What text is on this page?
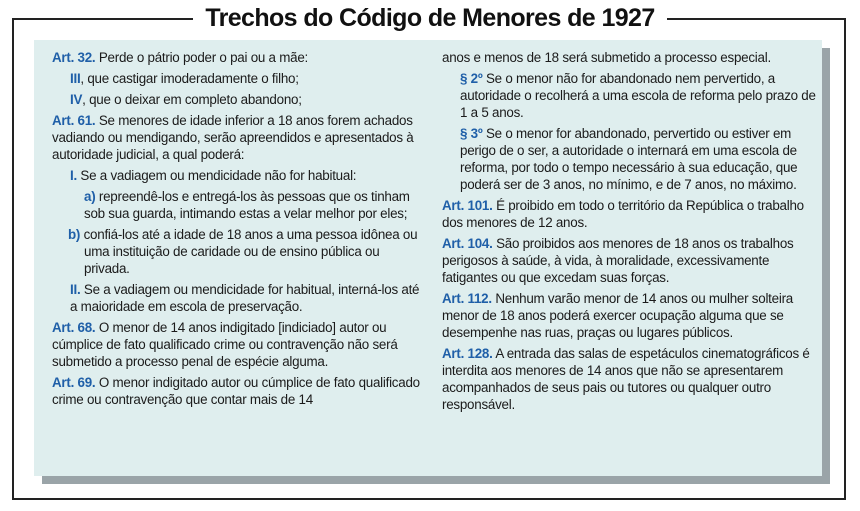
Trechos do Código de Menores de 1927
Art. 32. Perde o pátrio poder o pai ou a mãe:
III, que castigar imoderadamente o filho;
IV, que o deixar em completo abandono;
Art. 61. Se menores de idade inferior a 18 anos forem achados vadiando ou mendigando, serão apreendidos e apresentados à autoridade judicial, a qual poderá:
I. Se a vadiagem ou mendicidade não for habitual:
a) repreendê-los e entregá-los às pessoas que os tinham sob sua guarda, intimando estas a velar melhor por eles;
b) confiá-los até a idade de 18 anos a uma pessoa idônea ou uma instituição de caridade ou de ensino pública ou privada.
II. Se a vadiagem ou mendicidade for habitual, interná-los até a maioridade em escola de preservação.
Art. 68. O menor de 14 anos indigitado [indiciado] autor ou cúmplice de fato qualificado crime ou contravenção não será submetido a processo penal de espécie alguma.
Art. 69. O menor indigitado autor ou cúmplice de fato qualificado crime ou contravenção que contar mais de 14
anos e menos de 18 será submetido a processo especial.
§ 2º Se o menor não for abandonado nem pervertido, a autoridade o recolherá a uma escola de reforma pelo prazo de 1 a 5 anos.
§ 3º Se o menor for abandonado, pervertido ou estiver em perigo de o ser, a autoridade o internará em uma escola de reforma, por todo o tempo necessário à sua educação, que poderá ser de 3 anos, no mínimo, e de 7 anos, no máximo.
Art. 101. É proibido em todo o território da República o trabalho dos menores de 12 anos.
Art. 104. São proibidos aos menores de 18 anos os trabalhos perigosos à saúde, à vida, à moralidade, excessivamente fatigantes ou que excedam suas forças.
Art. 112. Nenhum varão menor de 14 anos ou mulher solteira menor de 18 anos poderá exercer ocupação alguma que se desempenhe nas ruas, praças ou lugares públicos.
Art. 128. A entrada das salas de espetáculos cinematográficos é interdita aos menores de 14 anos que não se apresentarem acompanhados de seus pais ou tutores ou qualquer outro responsável.
